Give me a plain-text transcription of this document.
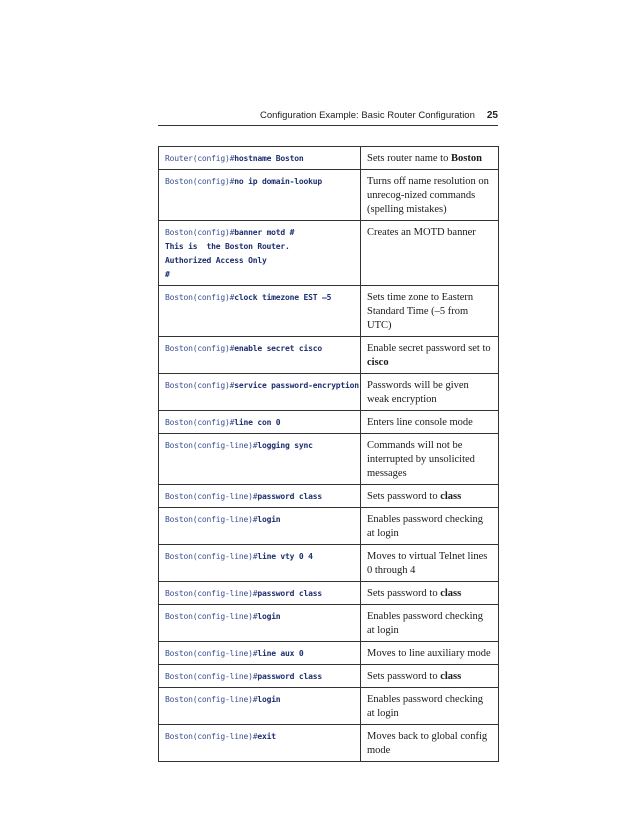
Configuration Example: Basic Router Configuration 25
Router(config)#hostname Boston	Sets router name to Boston

Boston(config)#no ip domain-lookup	Turns off name resolution on unrecog-nized commands (spelling mistakes)

Boston(config)#banner motd #
This is  the Boston Router.
Authorized Access Only
#	Creates an MOTD banner

Boston(config)#clock timezone EST –5	Sets time zone to Eastern Standard Time (–5 from UTC)

Boston(config)#enable secret cisco	Enable secret password set to cisco

Boston(config)#service password-encryption	Passwords will be given weak encryption

Boston(config)#line con 0	Enters line console mode

Boston(config-line)#logging sync	Commands will not be interrupted by unsolicited messages

Boston(config-line)#password class	Sets password to class

Boston(config-line)#login	Enables password checking at login

Boston(config-line)#line vty 0 4	Moves to virtual Telnet lines 0 through 4

Boston(config-line)#password class	Sets password to class

Boston(config-line)#login	Enables password checking at login

Boston(config-line)#line aux 0	Moves to line auxiliary mode

Boston(config-line)#password class	Sets password to class

Boston(config-line)#login	Enables password checking at login

Boston(config-line)#exit	Moves back to global config mode
